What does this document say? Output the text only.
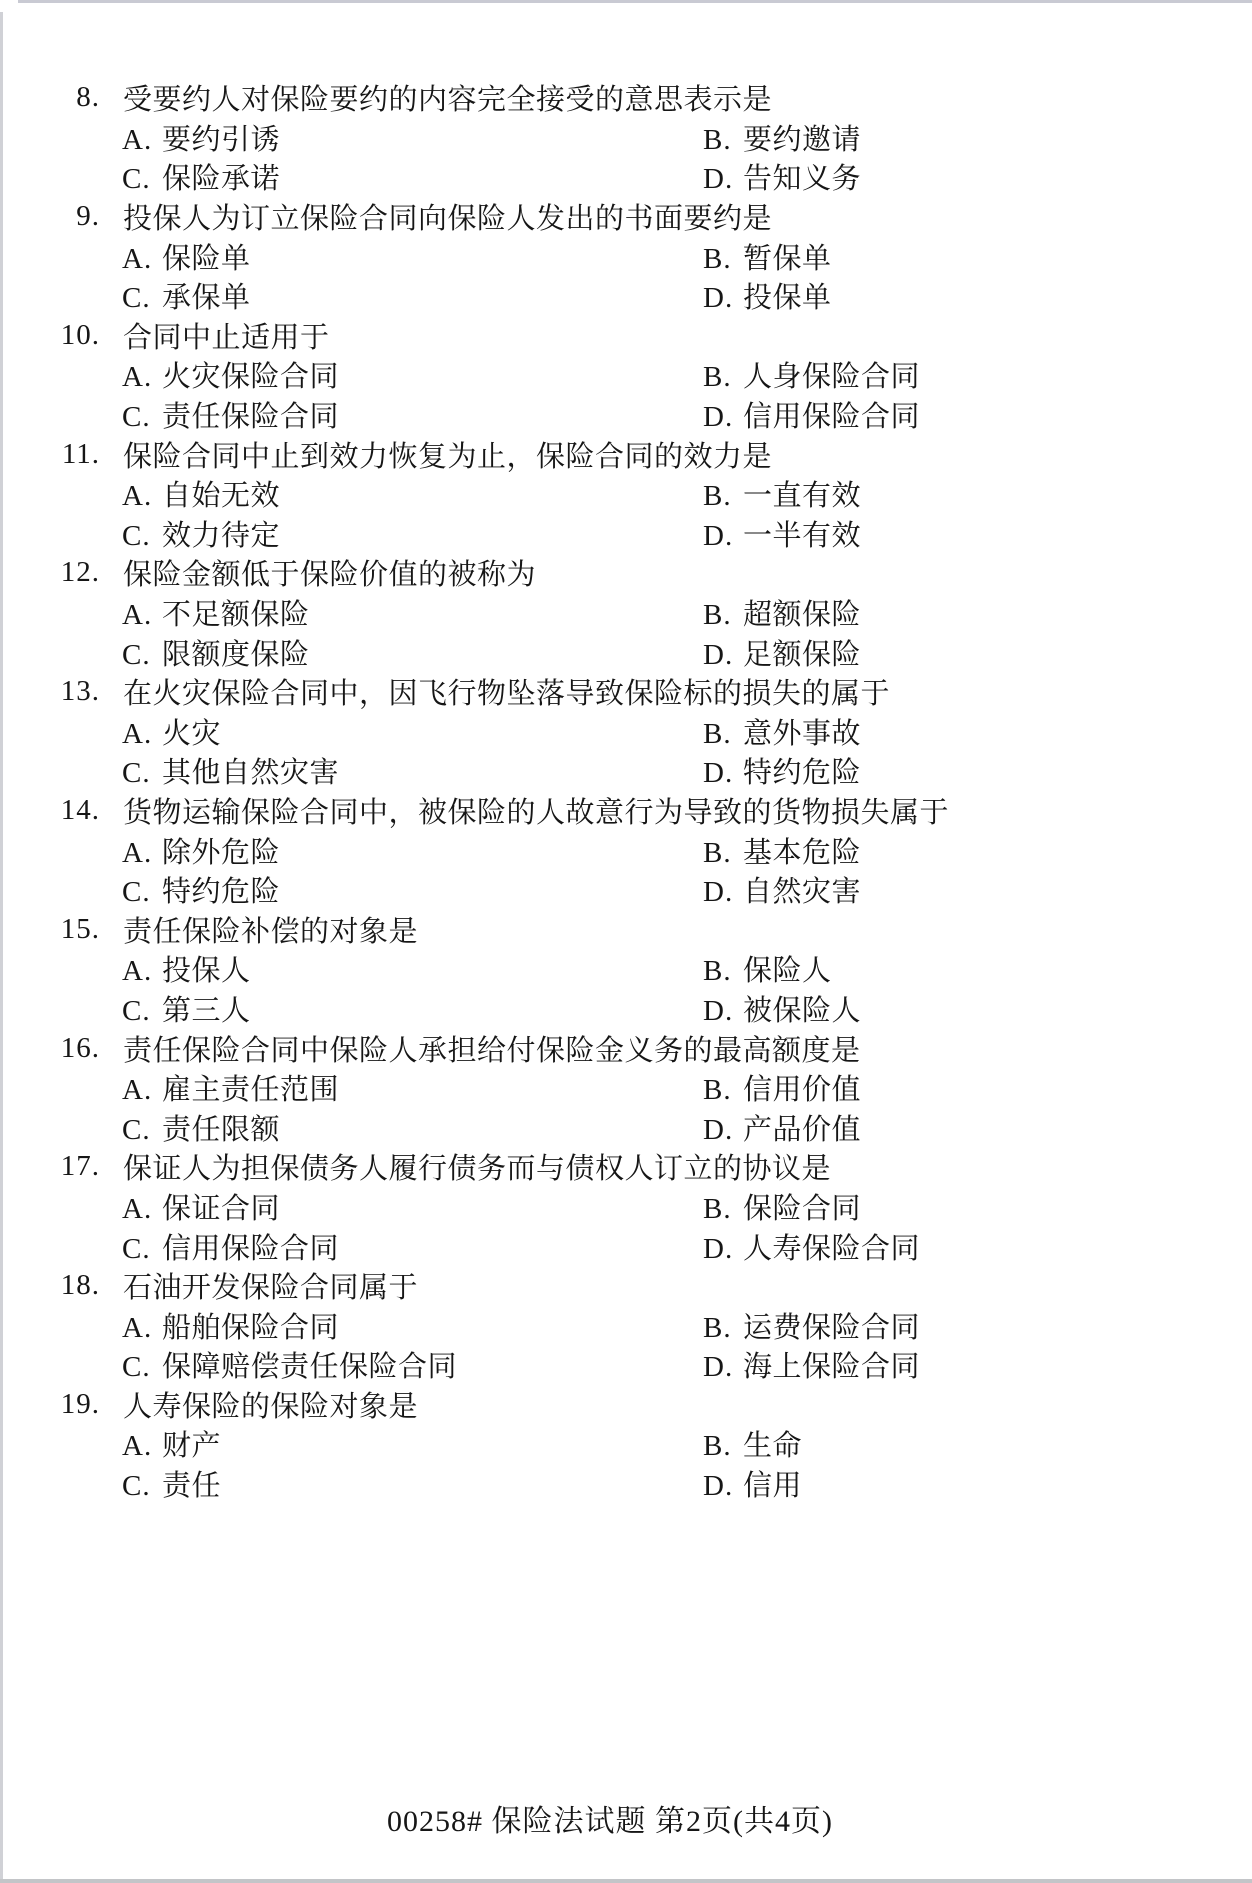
8. 受要约人对保险要约的内容完全接受的意思表示是
A. 要约引诱	B. 要约邀请
C. 保险承诺	D. 告知义务
9. 投保人为订立保险合同向保险人发出的书面要约是
A. 保险单	B. 暂保单
C. 承保单	D. 投保单
10. 合同中止适用于
A. 火灾保险合同	B. 人身保险合同
C. 责任保险合同	D. 信用保险合同
11. 保险合同中止到效力恢复为止，保险合同的效力是
A. 自始无效	B. 一直有效
C. 效力待定	D. 一半有效
12. 保险金额低于保险价值的被称为
A. 不足额保险	B. 超额保险
C. 限额度保险	D. 足额保险
13. 在火灾保险合同中，因飞行物坠落导致保险标的损失的属于
A. 火灾	B. 意外事故
C. 其他自然灾害	D. 特约危险
14. 货物运输保险合同中，被保险的人故意行为导致的货物损失属于
A. 除外危险	B. 基本危险
C. 特约危险	D. 自然灾害
15. 责任保险补偿的对象是
A. 投保人	B. 保险人
C. 第三人	D. 被保险人
16. 责任保险合同中保险人承担给付保险金义务的最高额度是
A. 雇主责任范围	B. 信用价值
C. 责任限额	D. 产品价值
17. 保证人为担保债务人履行债务而与债权人订立的协议是
A. 保证合同	B. 保险合同
C. 信用保险合同	D. 人寿保险合同
18. 石油开发保险合同属于
A. 船舶保险合同	B. 运费保险合同
C. 保障赔偿责任保险合同	D. 海上保险合同
19. 人寿保险的保险对象是
A. 财产	B. 生命
C. 责任	D. 信用
00258# 保险法试题 第2页(共4页)
